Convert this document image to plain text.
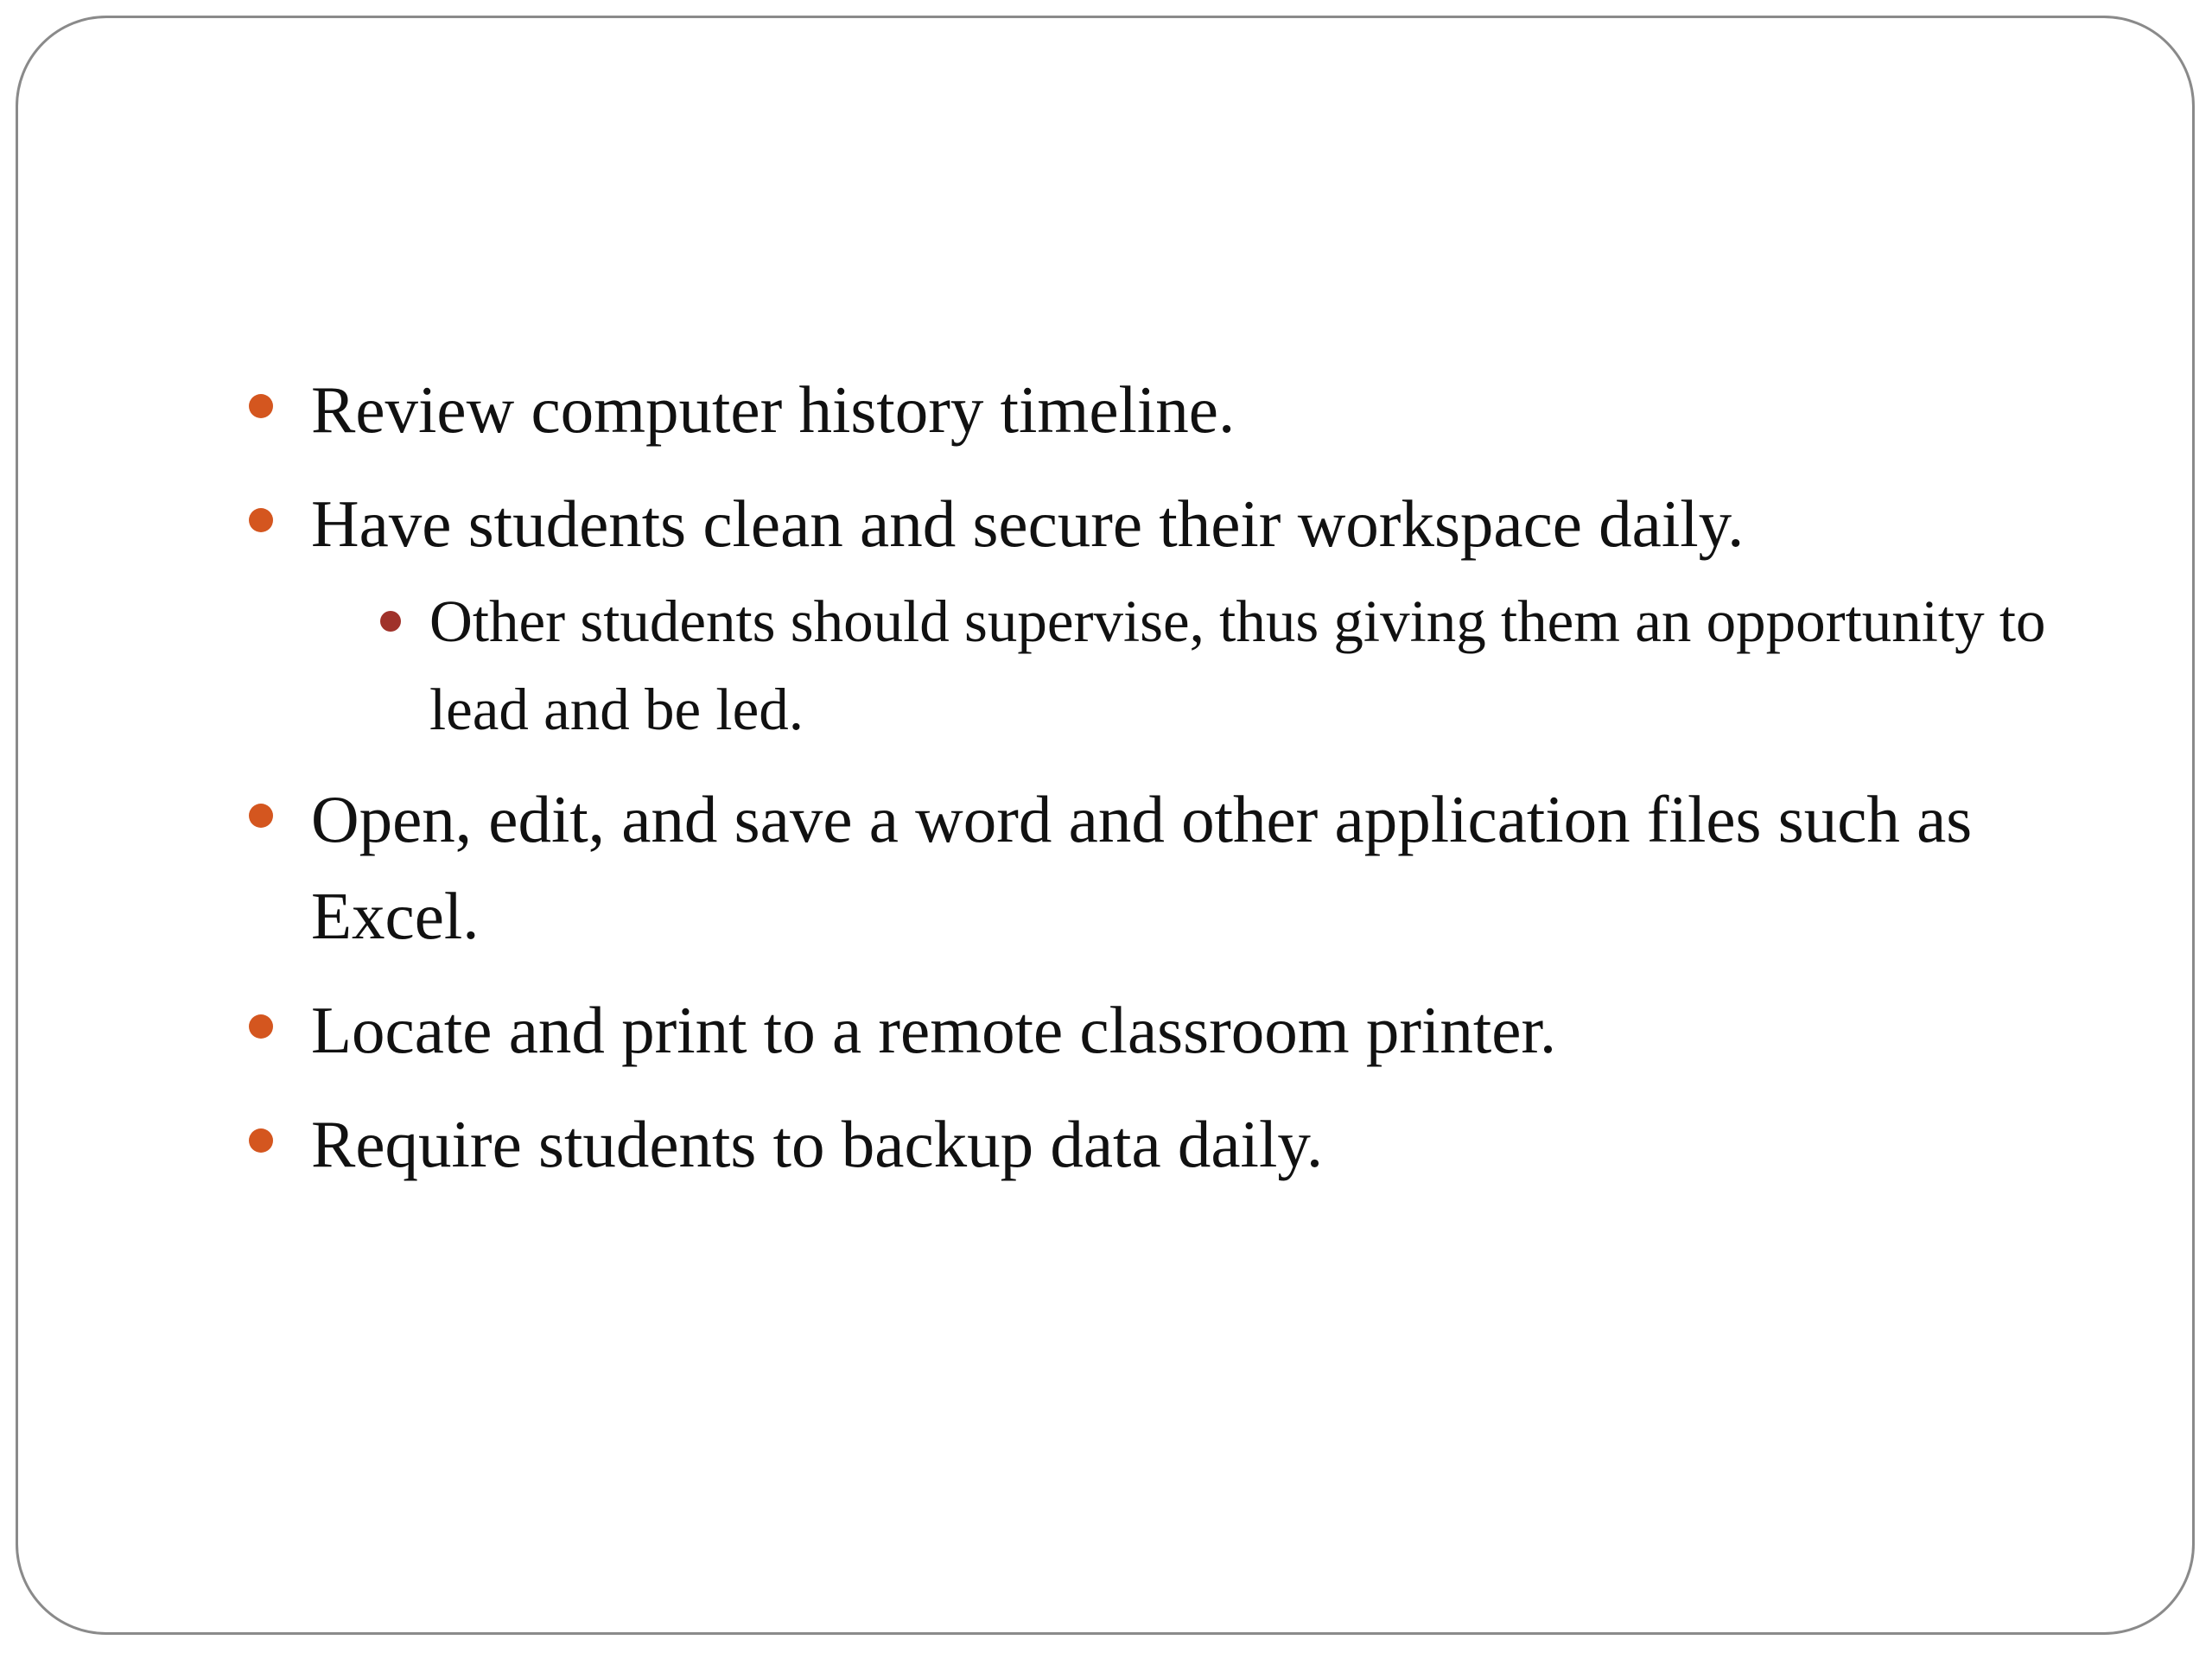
Review computer history timeline.
Have students clean and secure their workspace daily.
Other students should supervise, thus giving them an opportunity to lead and be led.
Open, edit, and save a word and other application files such as Excel.
Locate and print to a remote classroom printer.
Require students to backup data daily.
